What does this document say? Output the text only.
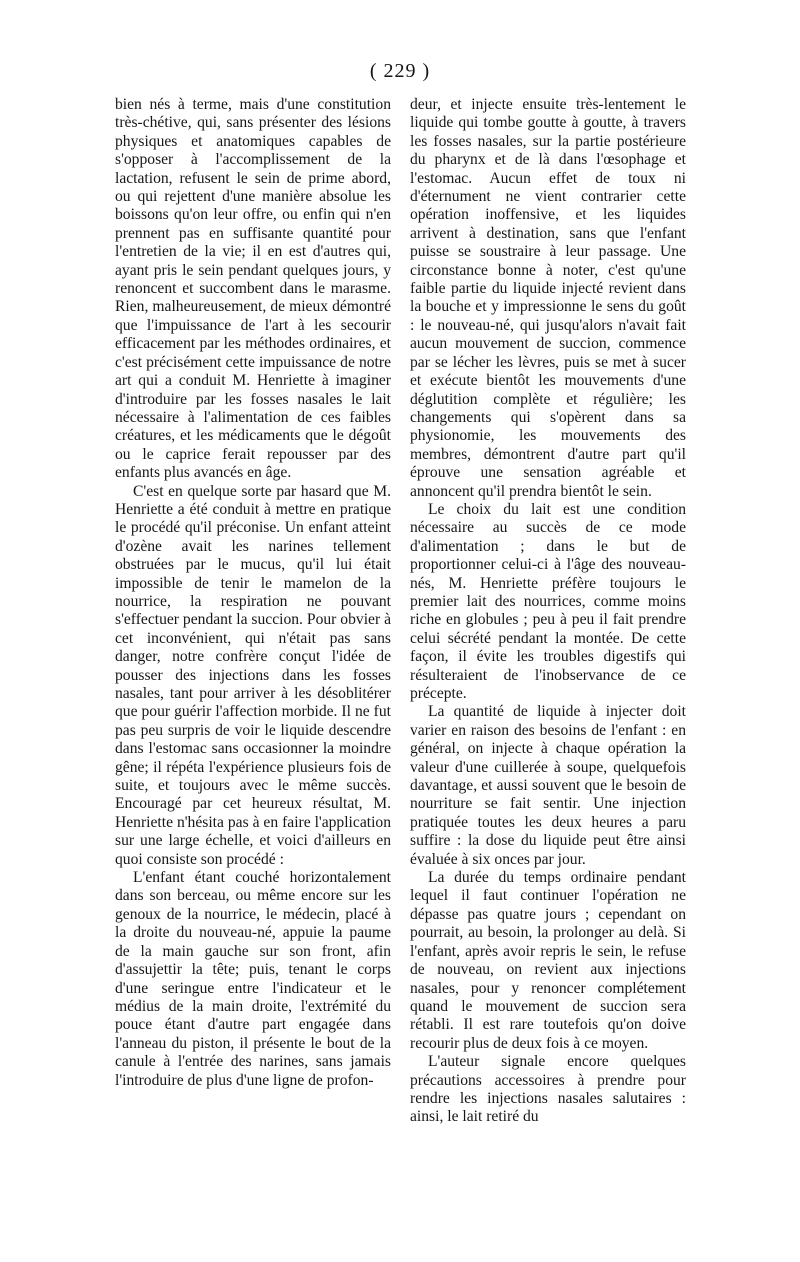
( 229 )

bien nés à terme, mais d'une constitution très-chétive, qui, sans présenter des lésions physiques et anatomiques capables de s'opposer à l'accomplissement de la lactation, refusent le sein de prime abord, ou qui rejettent d'une manière absolue les boissons qu'on leur offre, ou enfin qui n'en prennent pas en suffisante quantité pour l'entretien de la vie; il en est d'autres qui, ayant pris le sein pendant quelques jours, y renoncent et succombent dans le marasme. Rien, malheureusement, de mieux démontré que l'impuissance de l'art à les secourir efficacement par les méthodes ordinaires, et c'est précisément cette impuissance de notre art qui a conduit M. Henriette à imaginer d'introduire par les fosses nasales le lait nécessaire à l'alimentation de ces faibles créatures, et les médicaments que le dégoût ou le caprice ferait repousser par des enfants plus avancés en âge.

C'est en quelque sorte par hasard que M. Henriette a été conduit à mettre en pratique le procédé qu'il préconise. Un enfant atteint d'ozène avait les narines tellement obstruées par le mucus, qu'il lui était impossible de tenir le mamelon de la nourrice, la respiration ne pouvant s'effectuer pendant la succion. Pour obvier à cet inconvénient, qui n'était pas sans danger, notre confrère conçut l'idée de pousser des injections dans les fosses nasales, tant pour arriver à les désoblitérer que pour guérir l'affection morbide. Il ne fut pas peu surpris de voir le liquide descendre dans l'estomac sans occasionner la moindre gêne; il répéta l'expérience plusieurs fois de suite, et toujours avec le même succès. Encouragé par cet heureux résultat, M. Henriette n'hésita pas à en faire l'application sur une large échelle, et voici d'ailleurs en quoi consiste son procédé :

L'enfant étant couché horizontalement dans son berceau, ou même encore sur les genoux de la nourrice, le médecin, placé à la droite du nouveau-né, appuie la paume de la main gauche sur son front, afin d'assujettir la tête; puis, tenant le corps d'une seringue entre l'indicateur et le médius de la main droite, l'extrémité du pouce étant d'autre part engagée dans l'anneau du piston, il présente le bout de la canule à l'entrée des narines, sans jamais l'introduire de plus d'une ligne de profon-

deur, et injecte ensuite très-lentement le liquide qui tombe goutte à goutte, à travers les fosses nasales, sur la partie postérieure du pharynx et de là dans l'œsophage et l'estomac. Aucun effet de toux ni d'éternument ne vient contrarier cette opération inoffensive, et les liquides arrivent à destination, sans que l'enfant puisse se soustraire à leur passage. Une circonstance bonne à noter, c'est qu'une faible partie du liquide injecté revient dans la bouche et y impressionne le sens du goût : le nouveau-né, qui jusqu'alors n'avait fait aucun mouvement de succion, commence par se lécher les lèvres, puis se met à sucer et exécute bientôt les mouvements d'une déglutition complète et régulière; les changements qui s'opèrent dans sa physionomie, les mouvements des membres, démontrent d'autre part qu'il éprouve une sensation agréable et annoncent qu'il prendra bientôt le sein.

Le choix du lait est une condition nécessaire au succès de ce mode d'alimentation ; dans le but de proportionner celui-ci à l'âge des nouveau-nés, M. Henriette préfère toujours le premier lait des nourrices, comme moins riche en globules ; peu à peu il fait prendre celui sécrété pendant la montée. De cette façon, il évite les troubles digestifs qui résulteraient de l'inobservance de ce précepte.

La quantité de liquide à injecter doit varier en raison des besoins de l'enfant : en général, on injecte à chaque opération la valeur d'une cuillerée à soupe, quelquefois davantage, et aussi souvent que le besoin de nourriture se fait sentir. Une injection pratiquée toutes les deux heures a paru suffire : la dose du liquide peut être ainsi évaluée à six onces par jour.

La durée du temps ordinaire pendant lequel il faut continuer l'opération ne dépasse pas quatre jours ; cependant on pourrait, au besoin, la prolonger au delà. Si l'enfant, après avoir repris le sein, le refuse de nouveau, on revient aux injections nasales, pour y renoncer complétement quand le mouvement de succion sera rétabli. Il est rare toutefois qu'on doive recourir plus de deux fois à ce moyen.

L'auteur signale encore quelques précautions accessoires à prendre pour rendre les injections nasales salutaires : ainsi, le lait retiré du
